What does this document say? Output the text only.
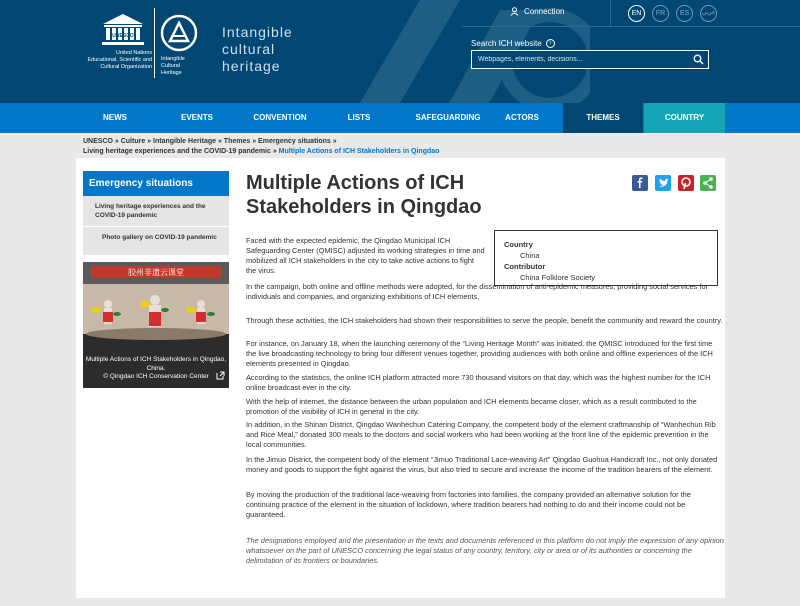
UNESCO
United Nations
Educational, Scientific and
Cultural Organization
Intangible
Cultural
Heritage
Intangible
cultural
heritage
Connection	EN	FR	ES	عربي
Search ICH website	i
Webpages, elements, decisions...
NEWS	EVENTS	CONVENTION	LISTS	SAFEGUARDING	ACTORS	THEMES	COUNTRY
UNESCO » Culture » Intangible Heritage » Themes » Emergency situations »
Living heritage experiences and the COVID-19 pandemic » Multiple Actions of ICH Stakeholders in Qingdao
Emergency situations
Living heritage experiences and the COVID-19 pandemic
Photo gallery on COVID-19 pandemic
胶州非遗云课堂
Multiple Actions of ICH Stakeholders in Qingdao, China.
© Qingdao ICH Conservation Center
Multiple Actions of ICH Stakeholders in Qingdao
Country
China
Contributor
China Folklore Society

Faced with the expected epidemic, the Qingdao Municipal ICH Safeguarding Center (QMISC) adjusted its working strategies in time and mobilized all ICH stakeholders in the city to take active actions to fight the virus.

In the campaign, both online and offline methods were adopted, for the dissemination of anti-epidemic measures, providing social services for individuals and companies, and organizing exhibitions of ICH elements.

Through these activities, the ICH stakeholders had shown their responsibilities to serve the people, benefit the community and reward the country.

For instance, on January 18, when the launching ceremony of the “Living Heritage Month” was initiated, the QMISC introduced for the first time the live broadcasting technology to bring four different venues together, providing audiences with both online and offline experiences of the ICH elements presented in Qingdao.

According to the statistics, the online ICH platform attracted more 730 thousand visitors on that day, which was the highest number for the ICH online broadcast ever in the city.

With the help of internet, the distance between the urban population and ICH elements became closer, which as a result contributed to the promotion of the visibility of ICH in general in the city.

In addition, in the Shinan District, Qingdao Wanhechun Catering Company, the competent body of the element craftmanship of “Wanhechun Rib and Rice Meal,” donated 300 meals to the doctors and social workers who had been working at the front line of the epidemic prevention in the local communities.

In the Jimuo District, the competent body of the element “Jimuo Traditional Lace-weaving Art” Qingdao Guohua Handicraft Inc., not only donated money and goods to support the fight against the virus, but also tried to secure and increase the income of the tradition bearers of the element.

By moving the production of the traditional lace-weaving from factories into families, the company provided an alternative solution for the continuing practice of the element in the situation of lockdown, where tradition bearers had nothing to do and their income could not be guaranteed.

The designations employed and the presentation in the texts and documents referenced in this platform do not imply the expression of any opinion whatsoever on the part of UNESCO concerning the legal status of any country, territory, city or area or of its authorities or concerning the delimitation of its frontiers or boundaries.
